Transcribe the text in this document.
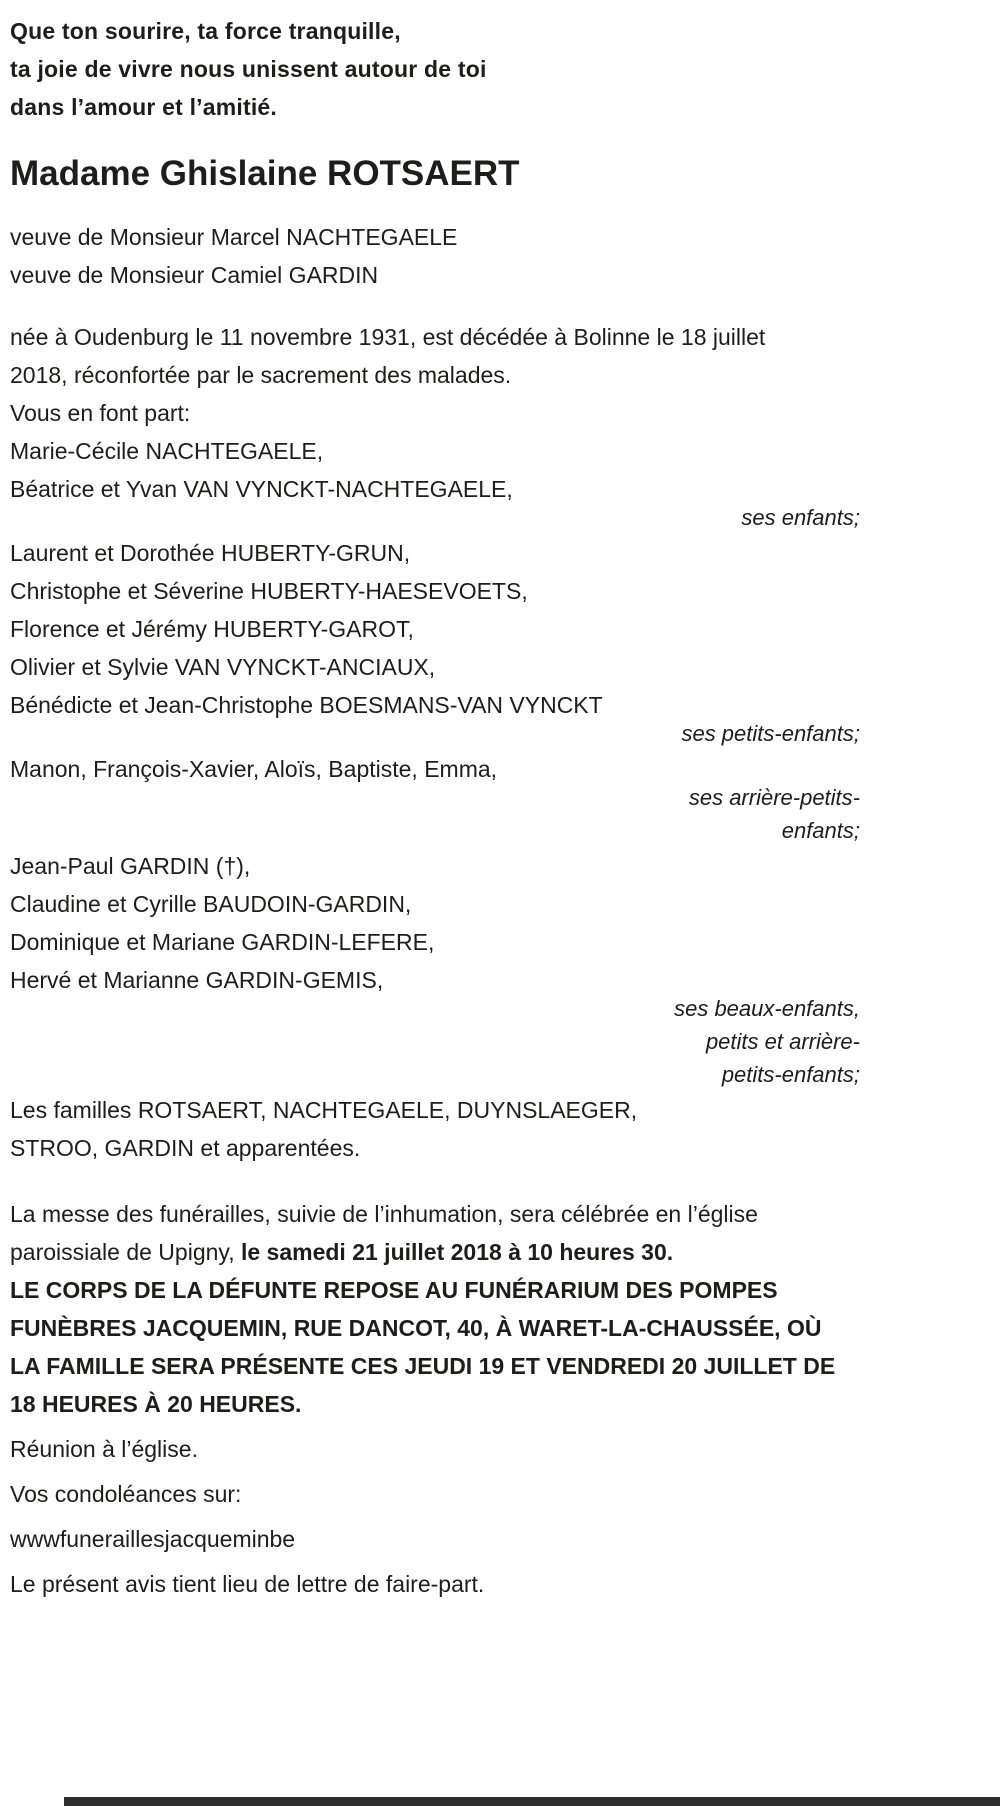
Que ton sourire, ta force tranquille,
ta joie de vivre nous unissent autour de toi
dans l’amour et l’amitié.
Madame Ghislaine ROTSAERT
veuve de Monsieur Marcel NACHTEGAELE
veuve de Monsieur Camiel GARDIN
née à Oudenburg le 11 novembre 1931, est décédée à Bolinne le 18 juillet
2018, réconfortée par le sacrement des malades.
Vous en font part:
Marie-Cécile NACHTEGAELE,
Béatrice et Yvan VAN VYNCKT-NACHTEGAELE,
ses enfants;
Laurent et Dorothée HUBERTY-GRUN,
Christophe et Séverine HUBERTY-HAESEVOETS,
Florence et Jérémy HUBERTY-GAROT,
Olivier et Sylvie VAN VYNCKT-ANCIAUX,
Bénédicte et Jean-Christophe BOESMANS-VAN VYNCKT
ses petits-enfants;
Manon, François-Xavier, Aloïs, Baptiste, Emma,
ses arrière-petits-
enfants;
Jean-Paul GARDIN (†),
Claudine et Cyrille BAUDOIN-GARDIN,
Dominique et Mariane GARDIN-LEFERE,
Hervé et Marianne GARDIN-GEMIS,
ses beaux-enfants,
petits et arrière-
petits-enfants;
Les familles ROTSAERT, NACHTEGAELE, DUYNSLAEGER,
STROO, GARDIN et apparentées.
La messe des funérailles, suivie de l’inhumation, sera célébrée en l’église
paroissiale de Upigny, le samedi 21 juillet 2018 à 10 heures 30.
LE CORPS DE LA DÉFUNTE REPOSE AU FUNÉRARIUM DES POMPES
FUNÈBRES JACQUEMIN, RUE DANCOT, 40, À WARET-LA-CHAUSSÉE, OÙ
LA FAMILLE SERA PRÉSENTE CES JEUDI 19 ET VENDREDI 20 JUILLET DE
18 HEURES À 20 HEURES.
Réunion à l’église.
Vos condoléances sur:
wwwfuneraillesjacqueminbe
Le présent avis tient lieu de lettre de faire-part.
